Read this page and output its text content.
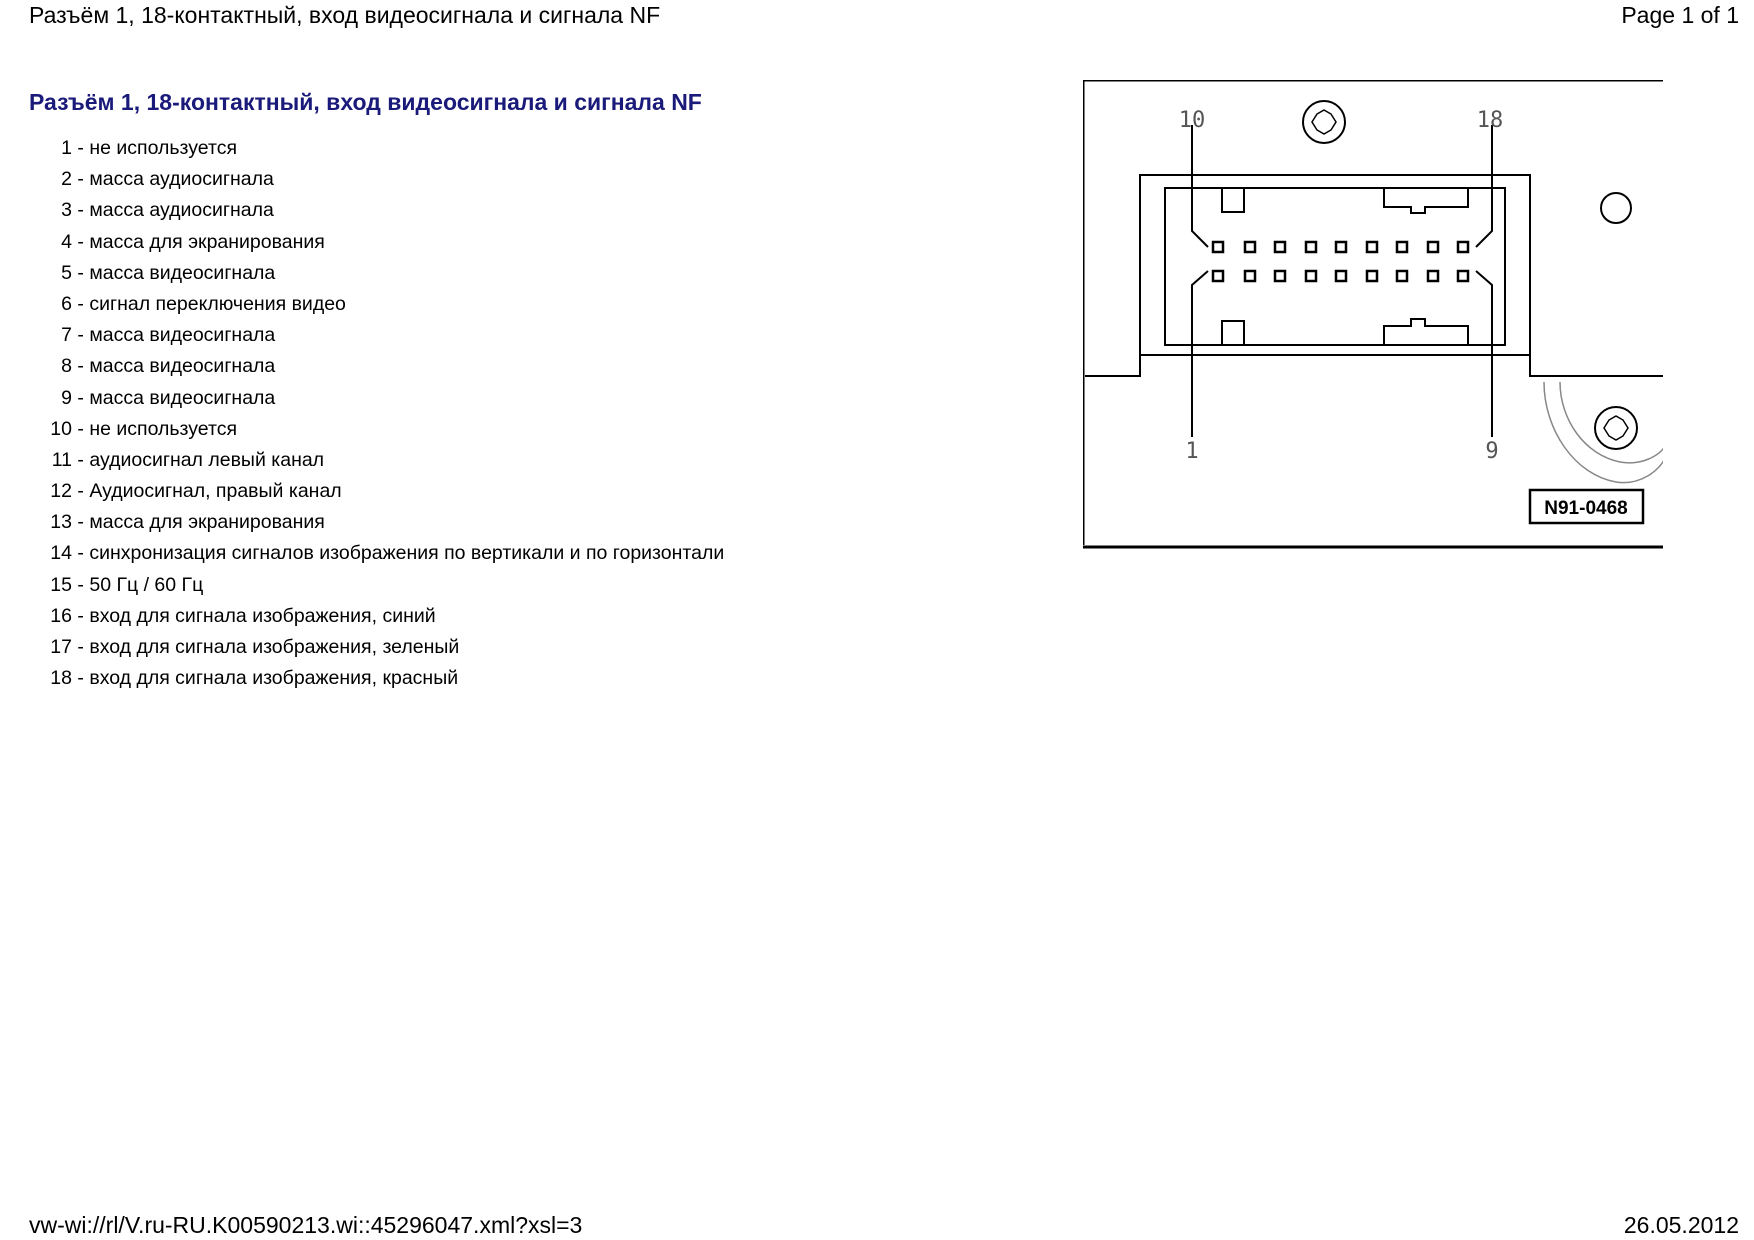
Разъём 1, 18-контактный, вход видеосигнала и сигнала NF	Page 1 of 1
Разъём 1, 18-контактный, вход видеосигнала и сигнала NF
1 - не используется
2 - масса аудиосигнала
3 - масса аудиосигнала
4 - масса для экранирования
5 - масса видеосигнала
6 - сигнал переключения видео
7 - масса видеосигнала
8 - масса видеосигнала
9 - масса видеосигнала
10 - не используется
11 - аудиосигнал левый канал
12 - Аудиосигнал, правый канал
13 - масса для экранирования
14 - синхронизация сигналов изображения по вертикали и по горизонтали
15 - 50 Гц / 60 Гц
16 - вход для сигнала изображения, синий
17 - вход для сигнала изображения, зеленый
18 - вход для сигнала изображения, красный
10	18
1	9
N91-0468
vw-wi://rl/V.ru-RU.K00590213.wi::45296047.xml?xsl=3	26.05.2012
